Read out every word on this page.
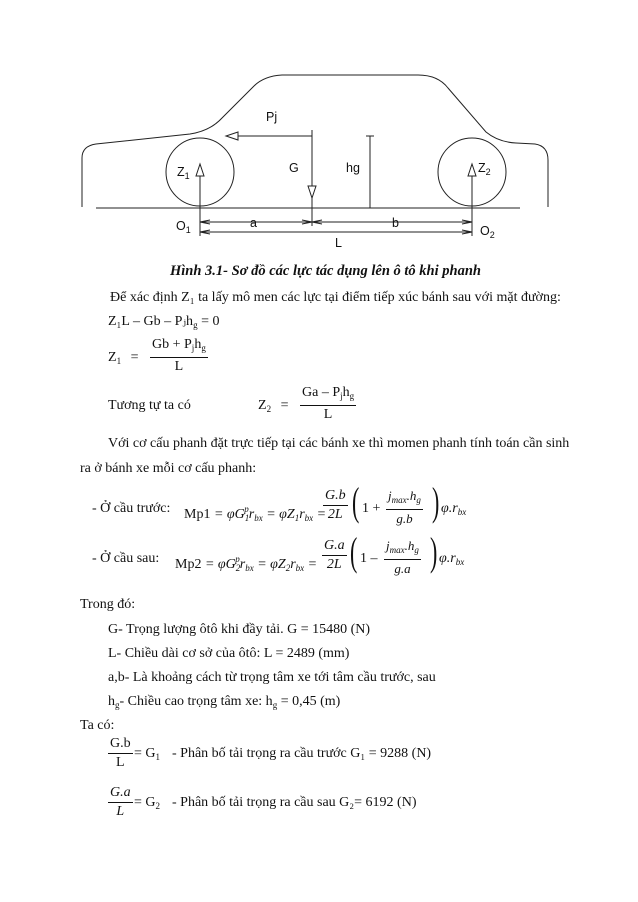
Pj
$Z_1$
G	hg	$Z_2$
$O_1$	a	b
$O_2$
L
Hình 3.1- Sơ đồ các lực tác dụng lên ô tô khi phanh
Để xác định Z₁ ta lấy mô men các lực tại điểm tiếp xúc bánh sau với mặt đường:
Z₁L – Gb – Pⱼh$_g$ = 0
$Z_1$ =
$Gb + P_jh_g$
L
Tương tự ta có	$Z_2$ =
Ga – $P_jh_g$
L
Với cơ cấu phanh đặt trực tiếp tại các bánh xe thì momen phanh tính toán cần sinh
ra ở bánh xe mỗi cơ cấu phanh:
- Ở cầu trước: $Mp1 = \varphi G_1^pr_{bx} = \varphi Z_1r_{bx}$ =
$\frac{G.b}{2L}$ ( 1 +
$j_{max}.h_g$
g.b ) $\varphi.r_{bx}$
- Ở cầu sau: $Mp2 = \varphi G_2^pr_{bx} = \varphi Z_2r_{bx} = \frac{G.a}{2L}$ ( 1 –
$j_{max}.h_g$
g.a ) $\varphi.r_{bx}$
Trong đó:
G- Trọng lượng ôtô khi đầy tải. G = 15480 (N)
L- Chiều dài cơ sở của ôtô: L = 2489 (mm)
a,b- Là khoảng cách từ trọng tâm xe tới tâm cầu trước, sau
$h_g-$ Chiều cao trọng tâm xe: $h_g = 0,45$ (m)
Ta có:
$\frac{G.b}{L} = G_1$ - Phân bố tải trọng ra cầu trước G₁ = 9288 (N)
$\frac{G.a}{L} = G_2$ - Phân bố tải trọng ra cầu sau G₂= 6192 (N)
